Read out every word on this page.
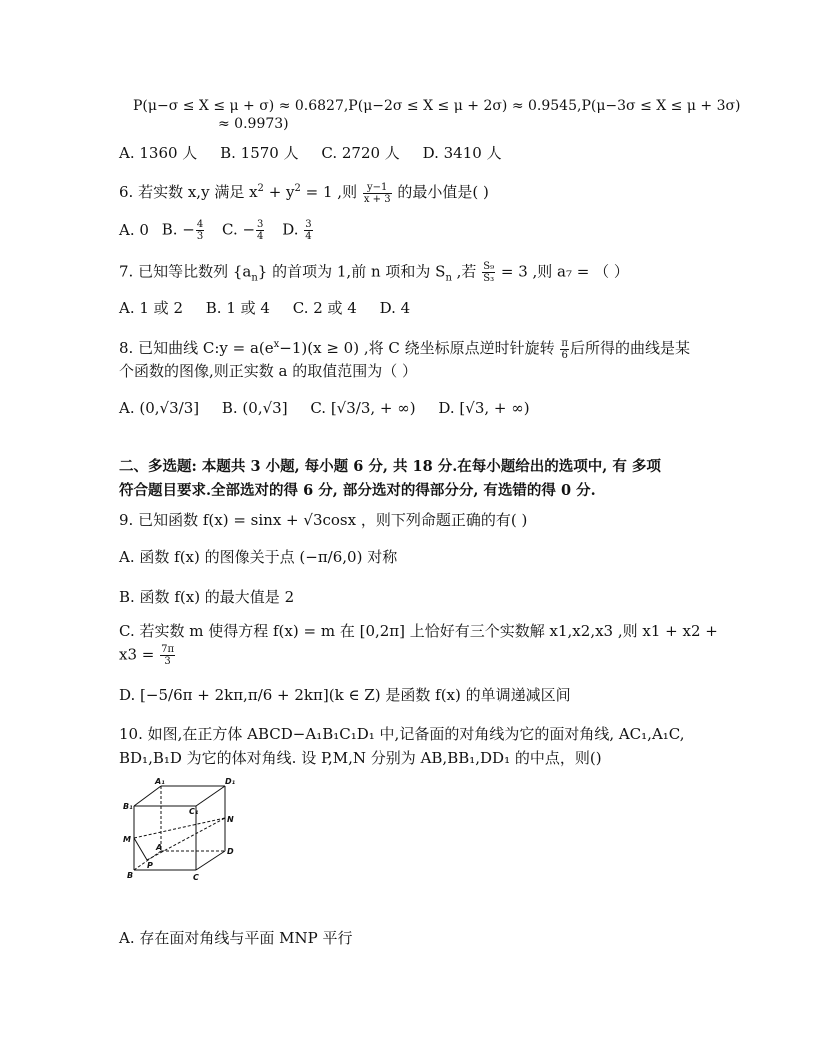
P(μ−σ ≤ X ≤ μ + σ) ≈ 0.6827,P(μ−2σ ≤ X ≤ μ + 2σ) ≈ 0.9545,P(μ−3σ ≤ X ≤ μ + 3σ)
≈ 0.9973)
A. 1360 人 B. 1570 人 C. 2720 人 D. 3410 人
6. 若实数 x,y 满足 $x^2 + y^2 = 1$ ,则 $\frac{y-1}{x + 3}$ 的最小值是( )
A. 0 B. − $\frac{4}{3} C$. − $\frac{3}{4} D$. $\frac{3}{4}$
7. 已知等比数列 $\{a_n\}$ 的首项为 1,前 n 项和为 $S_n$ ,若 $\frac{\text{S₉}}{\text{S₃}} = 3$ ,则 a₇ = （ ）
A. 1 或 2 B. 1 或 4 C. 2 或 4 D. 4
8. 已知曲线 C:y = $a(e^x-1)(x \ge 0)$ ,将 C 绕坐标原点逆时针旋转 $\frac{\pi}{6}$ 后所得的曲线是某
个函数的图像,则正实数 a 的取值范围为（ ）
A. (0,√3/3] B. (0,√3] C. [√3/3, + ∞) D. [√3, + ∞)
二、多选题: 本题共 3 小题, 每小题 6 分, 共 18 分.在每小题给出的选项中, 有 多项
符合题目要求.全部选对的得 6 分, 部分选对的得部分分, 有选错的得 0 分.
9. 已知函数 f(x) = sinx + √3cosx ，则下列命题正确的有( )
A. 函数 f(x) 的图像关于点 (−π/6,0) 对称
B. 函数 f(x) 的最大值是 2
C. 若实数 m 使得方程 f(x) = m 在 [0,2π] 上恰好有三个实数解 x1,x2,x3 ,则 x1 + x2 +
$x3 = \frac{7\pi}{3}$
D. [−5/6π + 2kπ,π/6 + 2kπ](k ∈ Z) 是函数 f(x) 的单调递减区间
10. 如图,在正方体 ABCD−A₁B₁C₁D₁ 中,记备面的对角线为它的面对角线, AC₁,A₁C,
BD₁,B₁D 为它的体对角线. 设 P,M,N 分别为 AB,BB₁,DD₁ 的中点，则()
A₁	D₁
B₁
C₁
M
N
A
P
D
B	C
A. 存在面对角线与平面 MNP 平行
